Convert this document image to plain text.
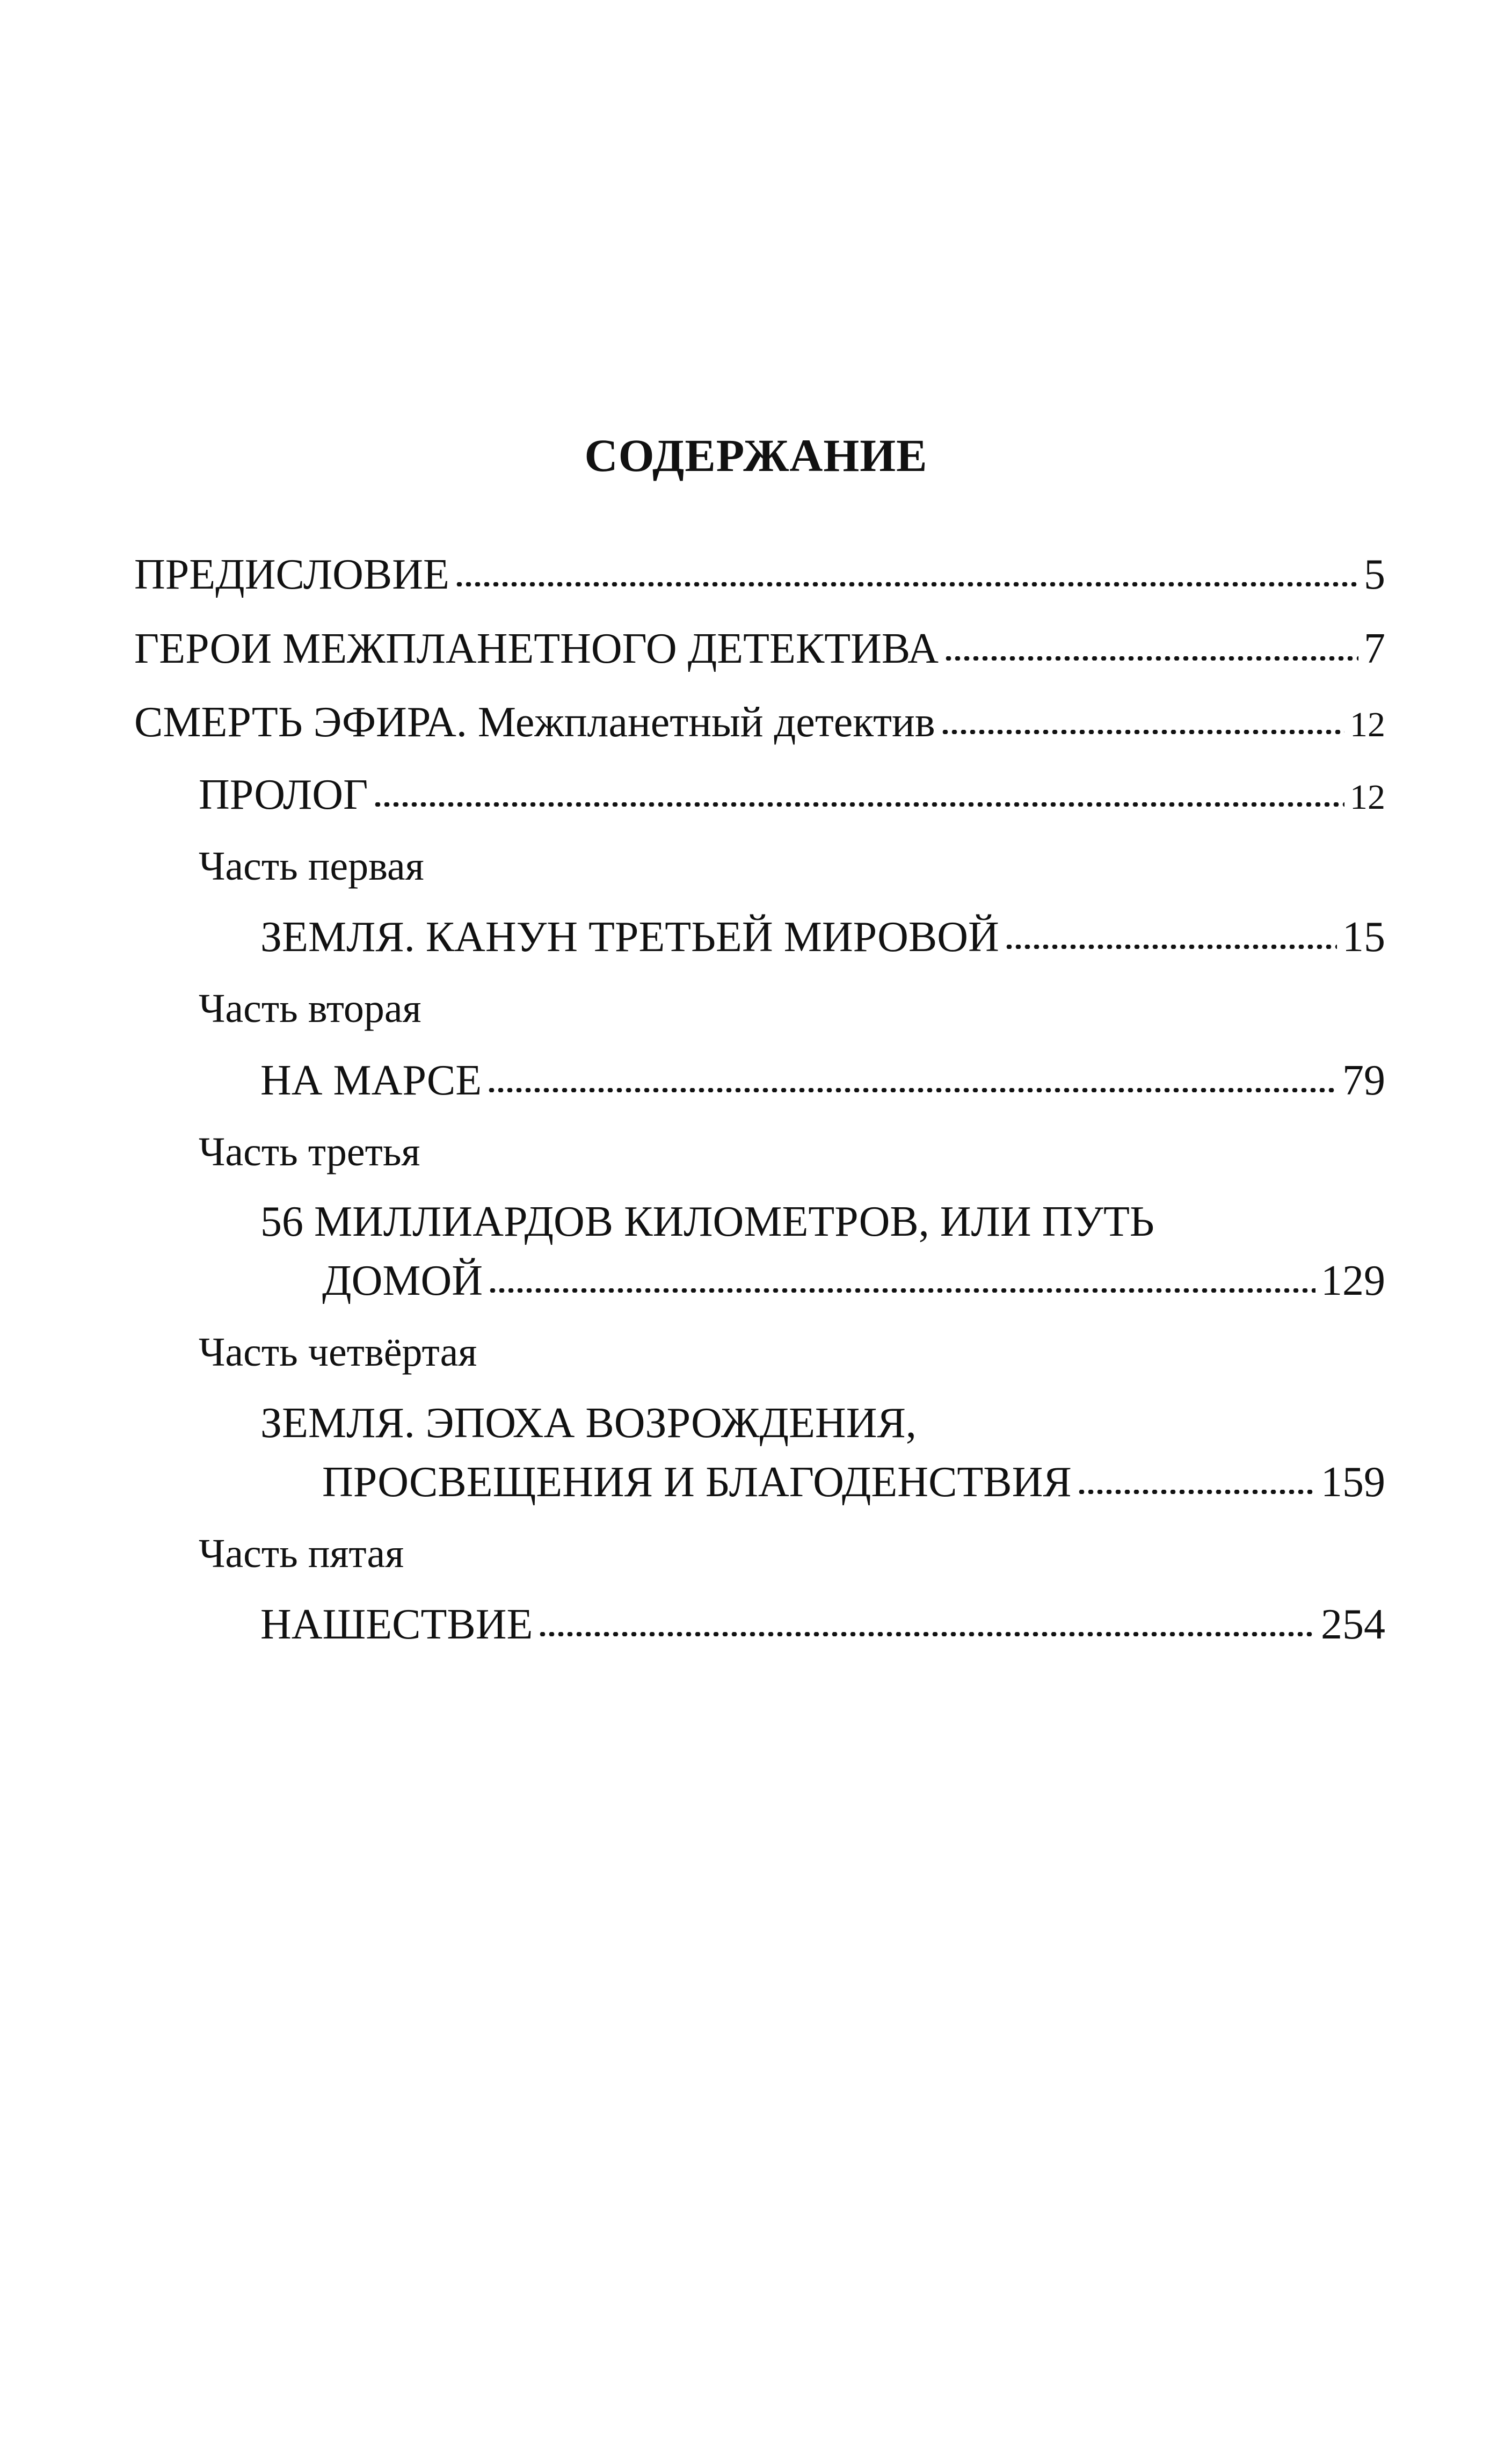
СОДЕРЖАНИЕ
ПРЕДИСЛОВИЕ	5
ГЕРОИ МЕЖПЛАНЕТНОГО ДЕТЕКТИВА	7
СМЕРТЬ ЭФИРА. Межпланетный детектив	12
ПРОЛОГ	12
Часть первая
ЗЕМЛЯ. КАНУН ТРЕТЬЕЙ МИРОВОЙ	15
Часть вторая
НА МАРСЕ	79
Часть третья
56 МИЛЛИАРДОВ КИЛОМЕТРОВ, ИЛИ ПУТЬ
ДОМОЙ	129
Часть четвёртая
ЗЕМЛЯ. ЭПОХА ВОЗРОЖДЕНИЯ,
ПРОСВЕЩЕНИЯ И БЛАГОДЕНСТВИЯ	159
Часть пятая
НАШЕСТВИЕ	254
